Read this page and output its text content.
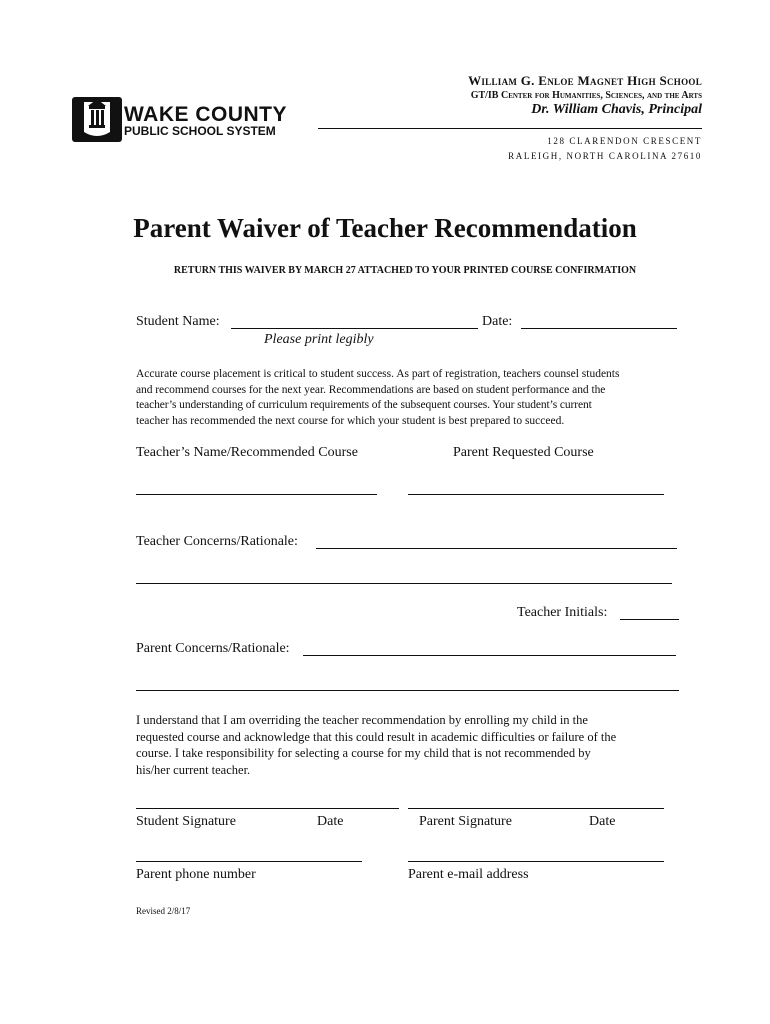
WAKE COUNTY
PUBLIC SCHOOL SYSTEM
William G. Enloe Magnet High School
GT/IB Center for Humanities, Sciences, and the Arts
Dr. William Chavis, Principal
128 CLARENDON CRESCENT
RALEIGH, NORTH CAROLINA 27610
Parent Waiver of Teacher Recommendation
RETURN THIS WAIVER BY MARCH 27 ATTACHED TO YOUR PRINTED COURSE CONFIRMATION
Student Name:	Date:
Please print legibly
Accurate course placement is critical to student success. As part of registration, teachers counsel students
and recommend courses for the next year. Recommendations are based on student performance and the
teacher’s understanding of curriculum requirements of the subsequent courses. Your student’s current
teacher has recommended the next course for which your student is best prepared to succeed.
Teacher’s Name/Recommended Course	Parent Requested Course
Teacher Concerns/Rationale:
Teacher Initials:
Parent Concerns/Rationale:
I understand that I am overriding the teacher recommendation by enrolling my child in the
requested course and acknowledge that this could result in academic difficulties or failure of the
course. I take responsibility for selecting a course for my child that is not recommended by
his/her current teacher.
Student Signature	Date	Parent Signature	Date
Parent phone number	Parent e-mail address
Revised 2/8/17
